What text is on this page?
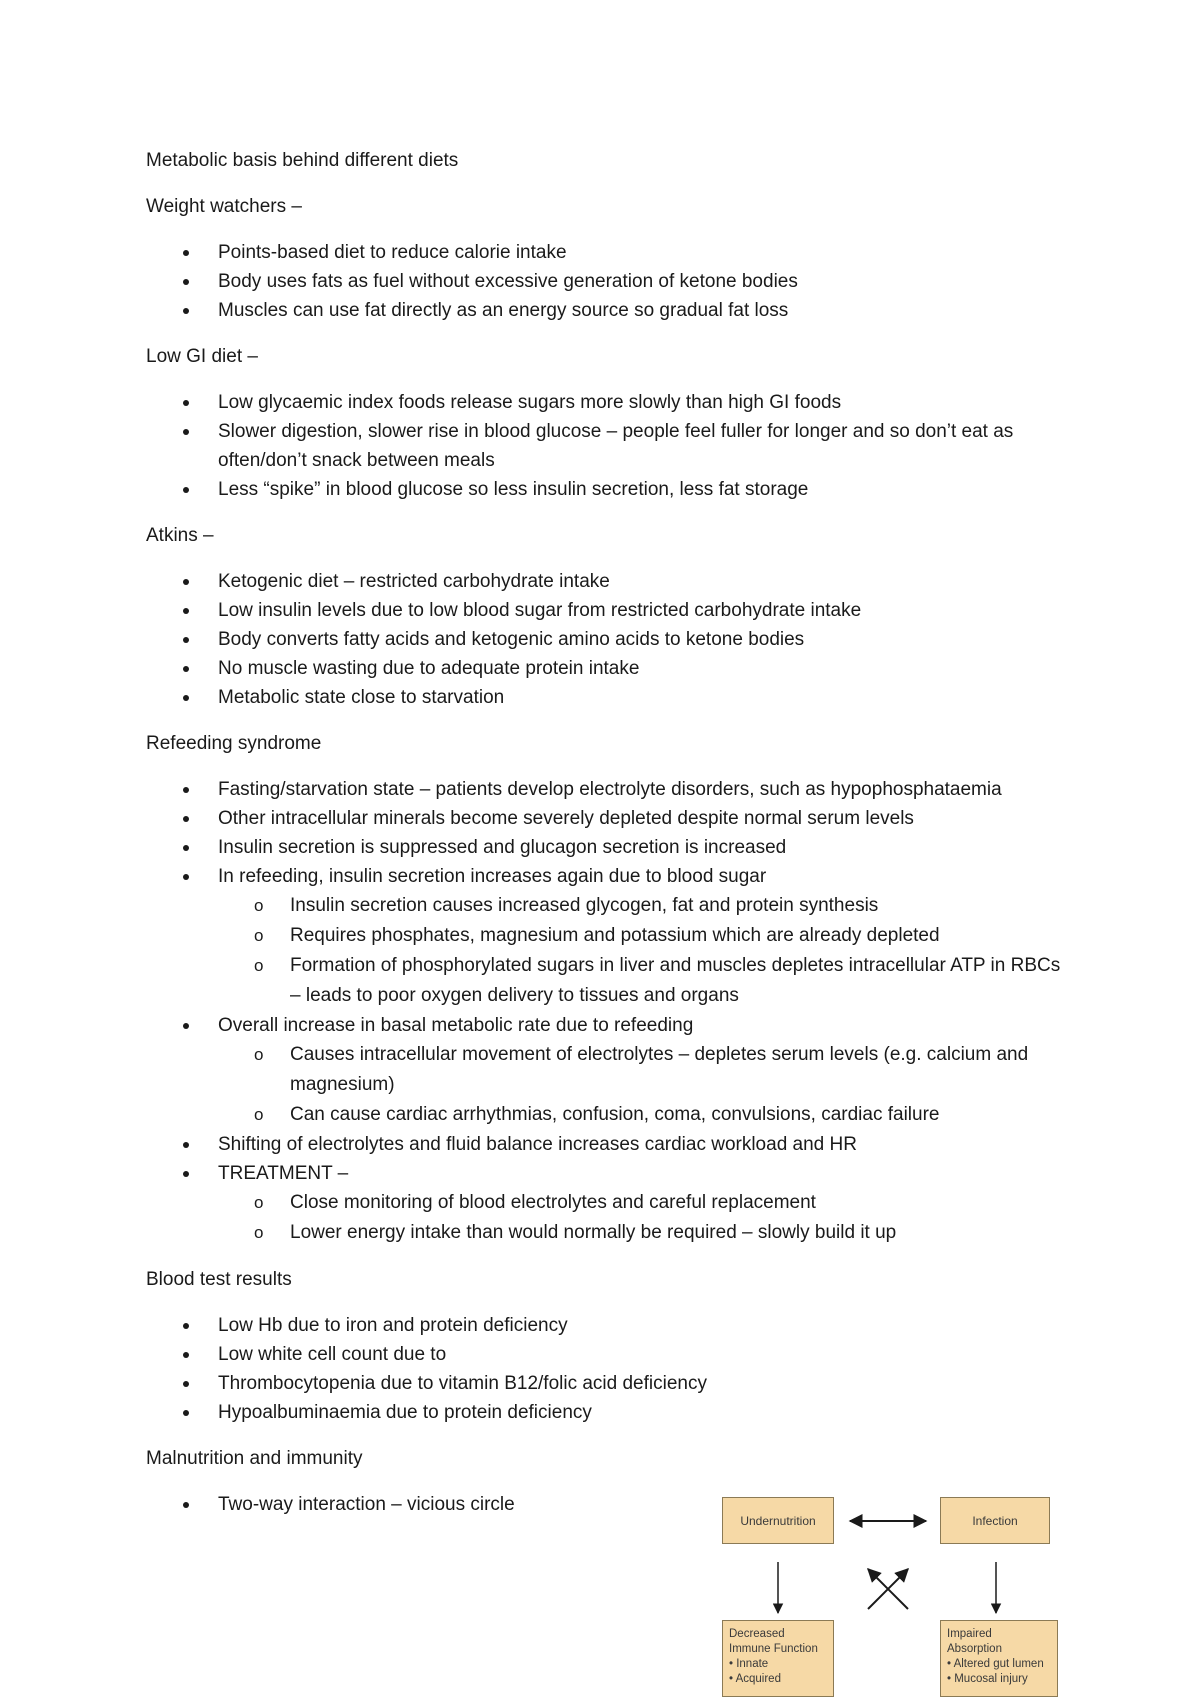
Metabolic basis behind different diets
Weight watchers –
Points-based diet to reduce calorie intake
Body uses fats as fuel without excessive generation of ketone bodies
Muscles can use fat directly as an energy source so gradual fat loss
Low GI diet –
Low glycaemic index foods release sugars more slowly than high GI foods
Slower digestion, slower rise in blood glucose – people feel fuller for longer and so don’t eat as often/don’t snack between meals
Less “spike” in blood glucose so less insulin secretion, less fat storage
Atkins –
Ketogenic diet – restricted carbohydrate intake
Low insulin levels due to low blood sugar from restricted carbohydrate intake
Body converts fatty acids and ketogenic amino acids to ketone bodies
No muscle wasting due to adequate protein intake
Metabolic state close to starvation
Refeeding syndrome
Fasting/starvation state – patients develop electrolyte disorders, such as hypophosphataemia
Other intracellular minerals become severely depleted despite normal serum levels
Insulin secretion is suppressed and glucagon secretion is increased
In refeeding, insulin secretion increases again due to blood sugar
o Insulin secretion causes increased glycogen, fat and protein synthesis
o Requires phosphates, magnesium and potassium which are already depleted
o Formation of phosphorylated sugars in liver and muscles depletes intracellular ATP in RBCs – leads to poor oxygen delivery to tissues and organs
Overall increase in basal metabolic rate due to refeeding
o Causes intracellular movement of electrolytes – depletes serum levels (e.g. calcium and magnesium)
o Can cause cardiac arrhythmias, confusion, coma, convulsions, cardiac failure
Shifting of electrolytes and fluid balance increases cardiac workload and HR
TREATMENT –
o Close monitoring of blood electrolytes and careful replacement
o Lower energy intake than would normally be required – slowly build it up
Blood test results
Low Hb due to iron and protein deficiency
Low white cell count due to
Thrombocytopenia due to vitamin B12/folic acid deficiency
Hypoalbuminaemia due to protein deficiency
Malnutrition and immunity
Two-way interaction – vicious circle
Undernutrition	Infection
Decreased
Immune Function
• Innate
• Acquired
Impaired
Absorption
• Altered gut lumen
• Mucosal injury
